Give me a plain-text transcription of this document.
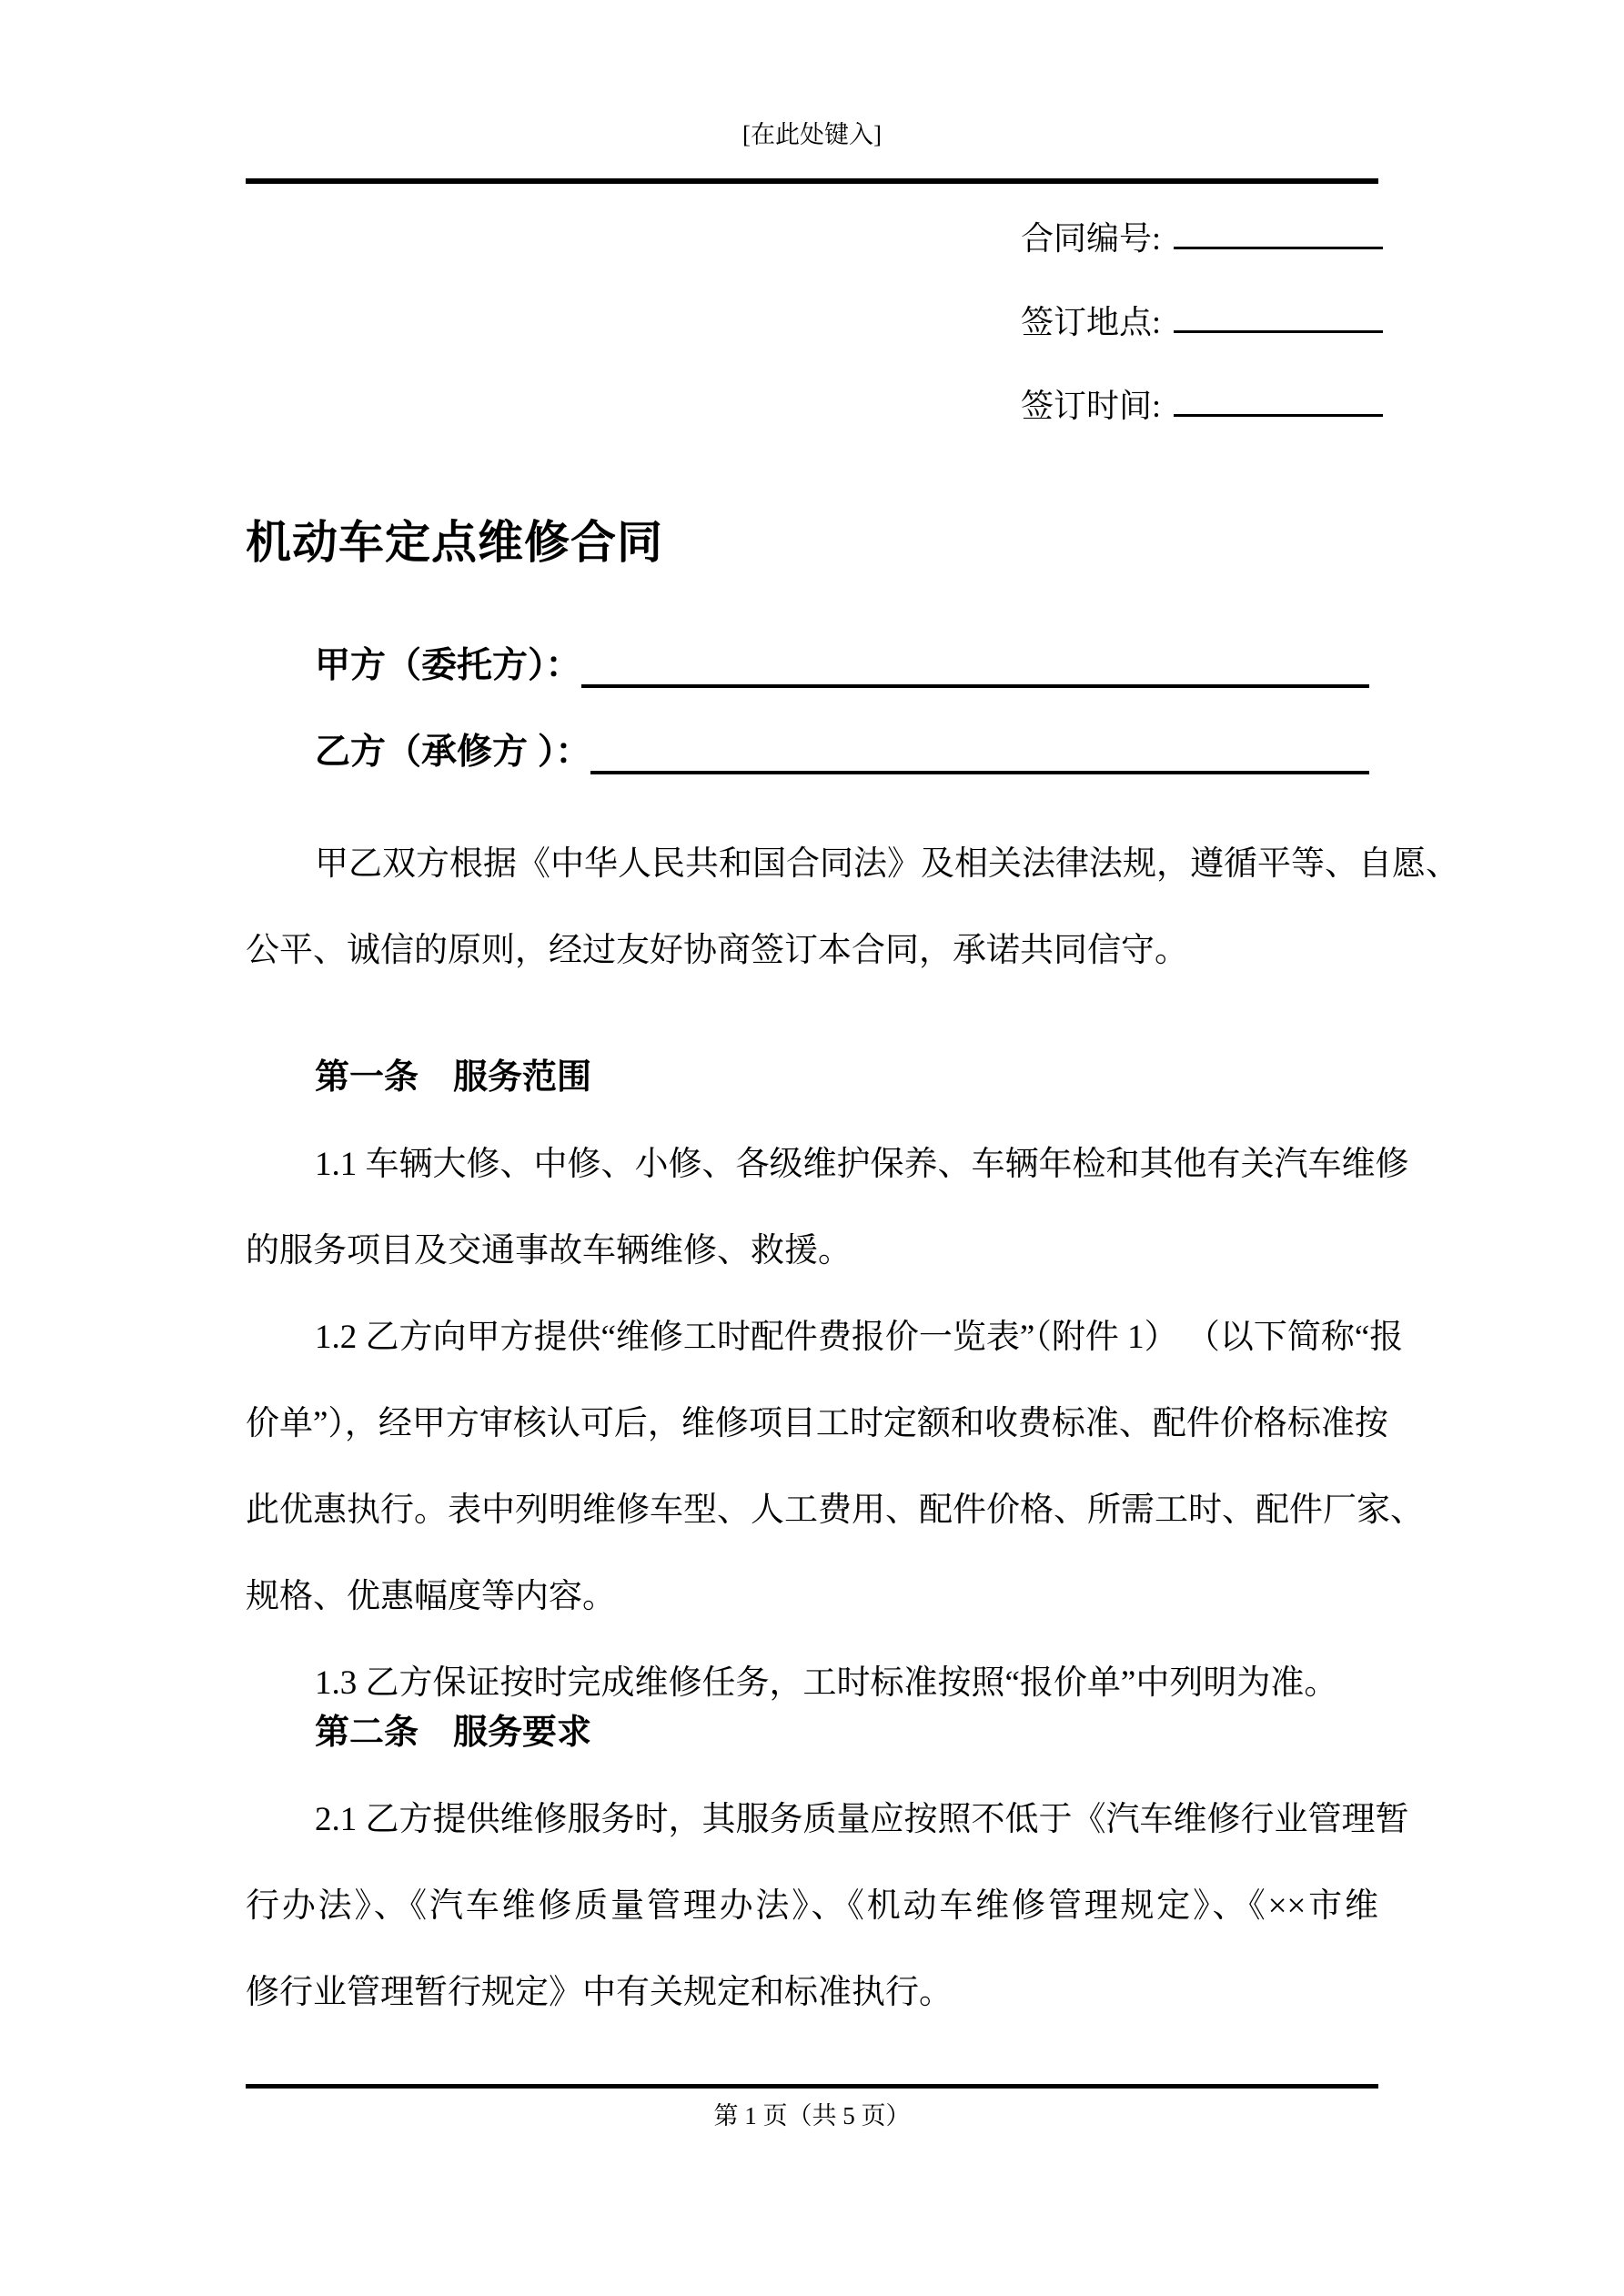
[在此处键入]
合同编号:
签订地点:
签订时间:
机动车定点维修合同
甲方（委托方）：
乙方（承修方 ）：
甲乙双方根据《中华人民共和国合同法》及相关法律法规，遵循平等、自愿、
公平、诚信的原则，经过友好协商签订本合同，承诺共同信守。
第一条　服务范围
1.1 车辆大修、中修、小修、各级维护保养、车辆年检和其他有关汽车维修
的服务项目及交通事故车辆维修、救援。
1.2 乙方向甲方提供“维修工时配件费报价一览表”（附件 1） （以下简称“报
价单”），经甲方审核认可后，维修项目工时定额和收费标准、配件价格标准按
此优惠执行。表中列明维修车型、人工费用、配件价格、所需工时、配件厂家、
规格、优惠幅度等内容。
1.3 乙方保证按时完成维修任务，工时标准按照“报价单”中列明为准。
第二条　服务要求
2.1 乙方提供维修服务时，其服务质量应按照不低于《汽车维修行业管理暂
行办法》、《汽车维修质量管理办法》、《机动车维修管理规定》、《××市维
修行业管理暂行规定》中有关规定和标准执行。
第 1 页（共 5 页）
